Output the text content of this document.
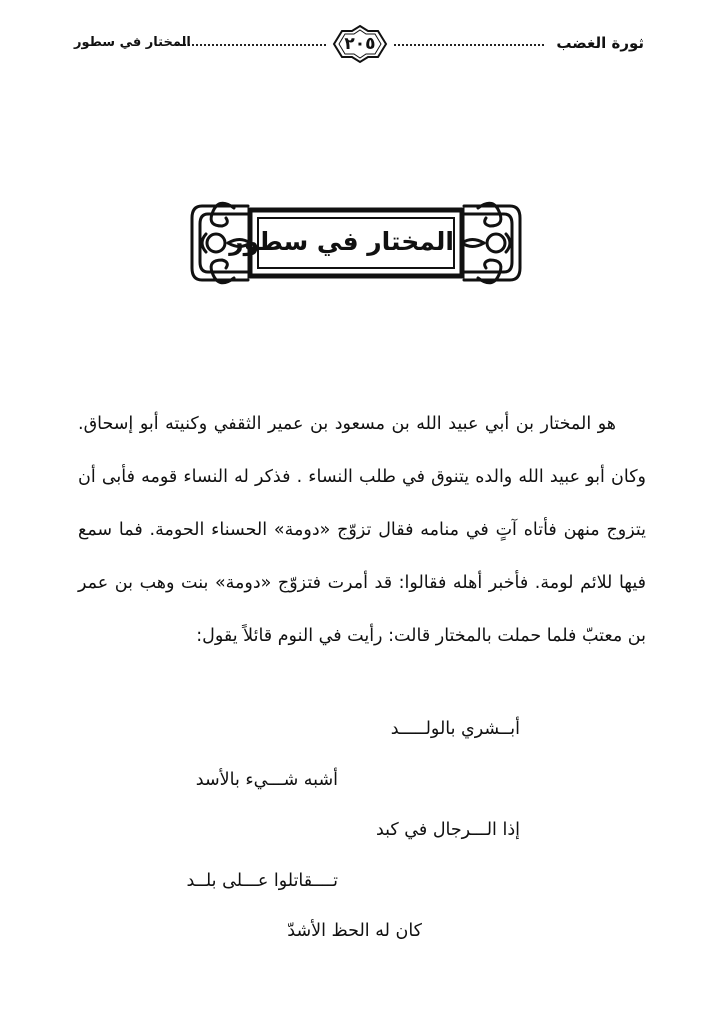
ثورة الغضب
٢٠٥
المختار في سطور
المختار في سطور

هو المختار بن أبي عبيد الله بن مسعود بن عمير الثقفي وكنيته أبو إسحاق. وكان أبو عبيد الله والده يتنوق في طلب النساء . فذكر له النساء قومه فأبى أن يتزوج منهن فأتاه آتٍ في منامه فقال تزوّج «دومة» الحسناء الحومة. فما سمع فيها للائم لومة. فأخبر أهله فقالوا: قد أمرت فتزوّج «دومة» بنت وهب بن عمر بن معتبّ فلما حملت بالمختار قالت: رأيت في النوم قائلاً يقول:

أبــشري بالولـــــد
أشبه شـــيء بالأسد
إذا الـــرجال في كبد
تــــقاتلوا عـــلى بلــد
كان له الحظ الأشدّ
